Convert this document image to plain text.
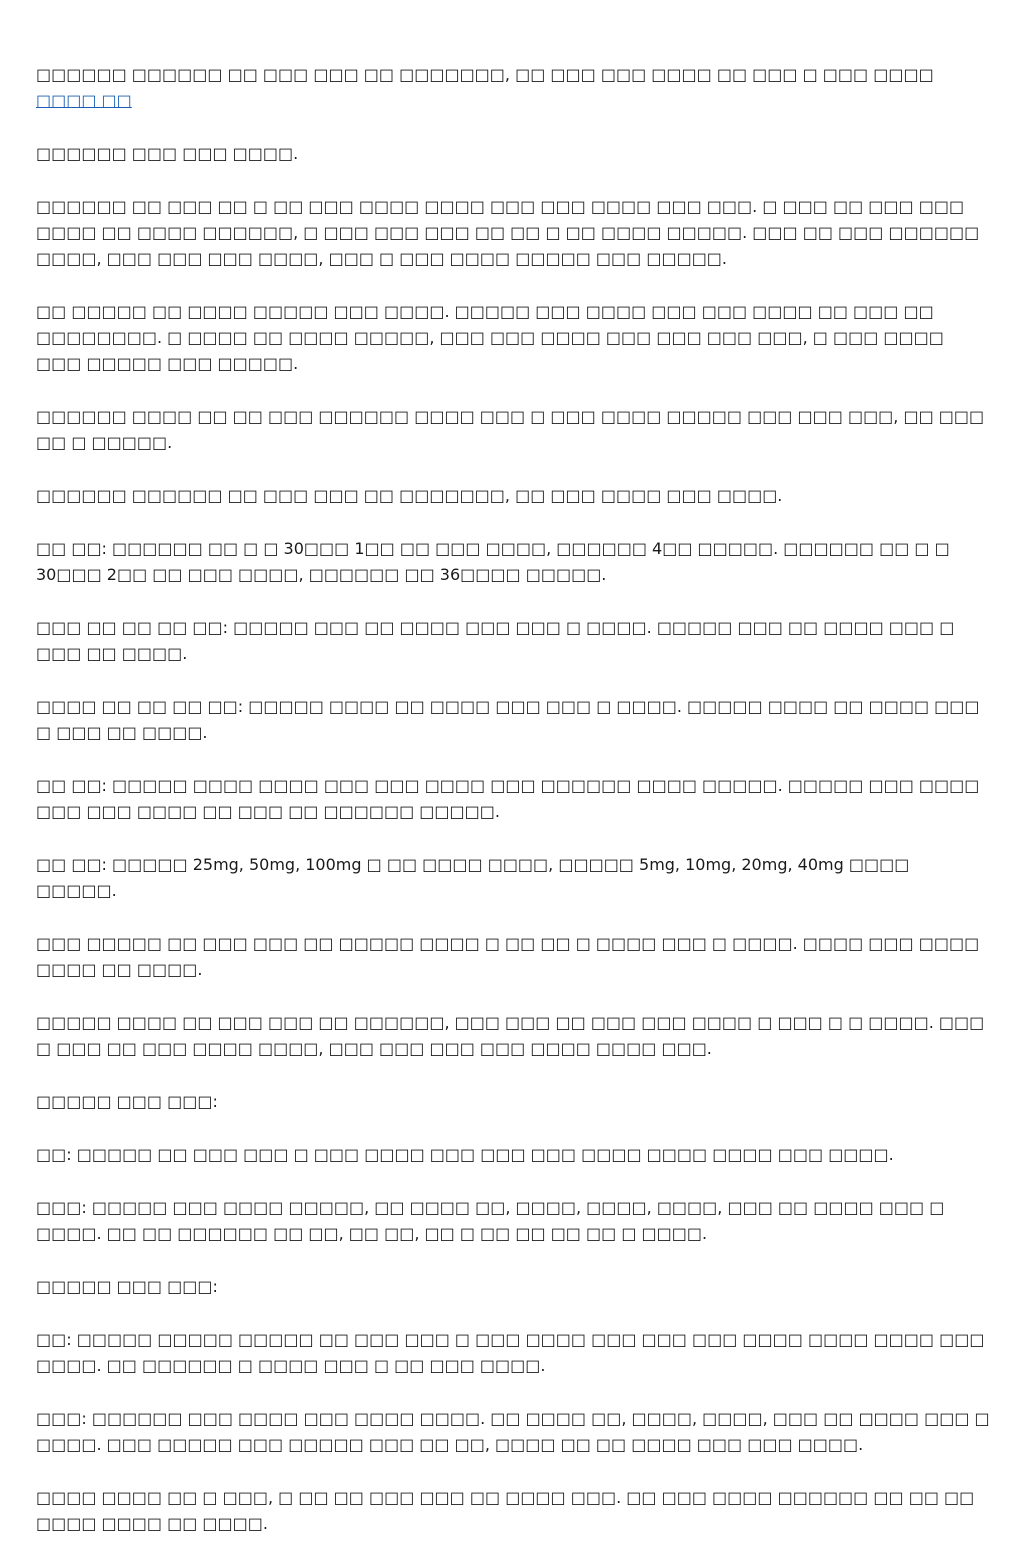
□□□□□□ □□□□□□ □□ □□□ □□□ □□ □□□□□□□, □□ □□□ □□□ □□□□ □□ □□□ □ □□□ □□□□ □□□□ □□

□□□□□□ □□□ □□□ □□□□.

□□□□□□ □□ □□□ □□ □ □□ □□□ □□□□ □□□□ □□□ □□□ □□□□ □□□ □□□. □ □□□ □□ □□□ □□□ □□□□ □□ □□□□ □□□□□□, □ □□□ □□□ □□□ □□ □□ □ □□ □□□□ □□□□□. □□□ □□ □□□ □□□□□□ □□□□, □□□ □□□ □□□ □□□□, □□□ □ □□□ □□□□ □□□□□ □□□ □□□□□.

□□ □□□□□ □□ □□□□ □□□□□ □□□ □□□□. □□□□□ □□□ □□□□ □□□ □□□ □□□□ □□ □□□ □□ □□□□□□□□. □ □□□□ □□ □□□□ □□□□□, □□□ □□□ □□□□ □□□ □□□ □□□ □□□, □ □□□ □□□□ □□□ □□□□□ □□□ □□□□□.

□□□□□□ □□□□ □□ □□ □□□ □□□□□□ □□□□ □□□ □ □□□ □□□□ □□□□□ □□□ □□□ □□□, □□ □□□ □□ □ □□□□□.

□□□□□□ □□□□□□ □□ □□□ □□□ □□ □□□□□□□, □□ □□□ □□□□ □□□ □□□□.

□□ □□: □□□□□□ □□ □ □ 30□□□ 1□□ □□ □□□ □□□□, □□□□□□ 4□□ □□□□□. □□□□□□ □□ □ □ 30□□□ 2□□ □□ □□□ □□□□, □□□□□□ □□ 36□□□□ □□□□□.

□□□ □□ □□ □□ □□: □□□□□ □□□ □□ □□□□ □□□ □□□ □ □□□□. □□□□□ □□□ □□ □□□□ □□□ □ □□□ □□ □□□□.

□□□□ □□ □□ □□ □□: □□□□□ □□□□ □□ □□□□ □□□ □□□ □ □□□□. □□□□□ □□□□ □□ □□□□ □□□ □ □□□ □□ □□□□.

□□ □□: □□□□□ □□□□ □□□□ □□□ □□□ □□□□ □□□ □□□□□□ □□□□ □□□□□. □□□□□ □□□ □□□□ □□□ □□□ □□□□ □□ □□□ □□ □□□□□□ □□□□□.

□□ □□: □□□□□ 25mg, 50mg, 100mg □ □□ □□□□ □□□□, □□□□□ 5mg, 10mg, 20mg, 40mg □□□□ □□□□□.

□□□ □□□□□ □□ □□□ □□□ □□ □□□□□ □□□□ □ □□ □□ □ □□□□ □□□ □ □□□□. □□□□ □□□ □□□□ □□□□ □□ □□□□.

□□□□□ □□□□ □□ □□□ □□□ □□ □□□□□□, □□□ □□□ □□ □□□ □□□ □□□□ □ □□□ □ □ □□□□. □□□ □ □□□ □□ □□□ □□□□ □□□□, □□□ □□□ □□□ □□□ □□□□ □□□□ □□□.

□□□□□ □□□ □□□:

□□: □□□□□ □□ □□□ □□□ □ □□□ □□□□ □□□ □□□ □□□ □□□□ □□□□ □□□□ □□□ □□□□.

□□□: □□□□□ □□□ □□□□ □□□□□, □□ □□□□ □□, □□□□, □□□□, □□□□, □□□ □□ □□□□ □□□ □ □□□□. □□ □□ □□□□□□ □□ □□, □□ □□, □□ □ □□ □□ □□ □□ □ □□□□.

□□□□□ □□□ □□□:

□□: □□□□□ □□□□□ □□□□□ □□ □□□ □□□ □ □□□ □□□□ □□□ □□□ □□□ □□□□ □□□□ □□□□ □□□ □□□□. □□ □□□□□□ □ □□□□ □□□ □ □□ □□□ □□□□.

□□□: □□□□□□ □□□ □□□□ □□□ □□□□ □□□□. □□ □□□□ □□, □□□□, □□□□, □□□ □□ □□□□ □□□ □ □□□□. □□□ □□□□□ □□□ □□□□□ □□□ □□ □□, □□□□ □□ □□ □□□□ □□□ □□□ □□□□.

□□□□ □□□□ □□ □ □□□, □ □□ □□ □□□ □□□ □□ □□□□ □□□. □□ □□□ □□□□ □□□□□□ □□ □□ □□ □□□□ □□□□ □□ □□□□.
